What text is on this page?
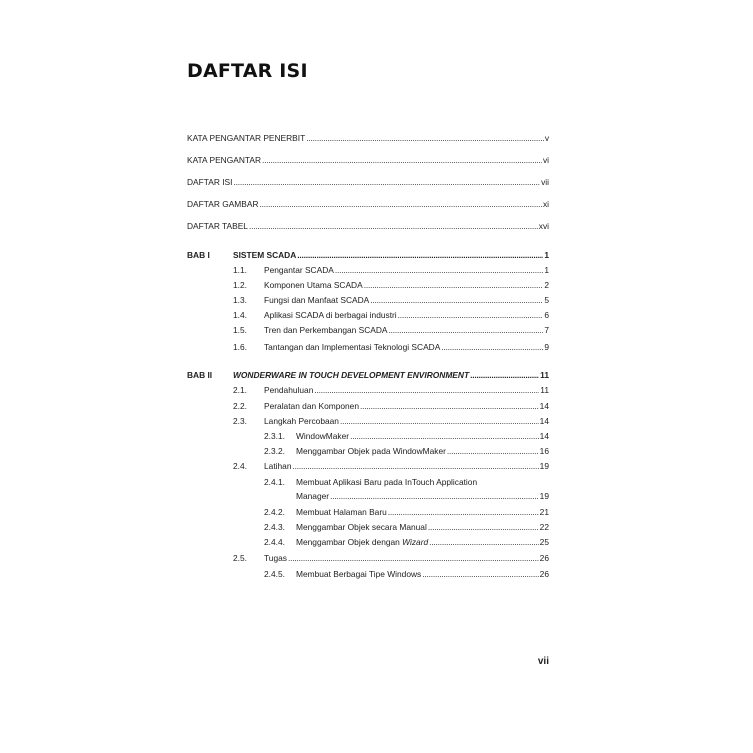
DAFTAR ISI
KATA PENGANTAR PENERBIT .....	v
KATA PENGANTAR .....	vi
DAFTAR ISI .....	vii
DAFTAR GAMBAR .....	xi
DAFTAR TABEL .....	xvi
BAB I	SISTEM SCADA .....	1
1.1. Pengantar SCADA .....	1
1.2. Komponen Utama SCADA .....	2
1.3. Fungsi dan Manfaat SCADA .....	5
1.4. Aplikasi SCADA di berbagai industri .....	6
1.5. Tren dan Perkembangan SCADA .....	7
1.6. Tantangan dan Implementasi Teknologi SCADA .....	9
BAB II WONDERWARE IN TOUCH DEVELOPMENT ENVIRONMENT .....	11
2.1. Pendahuluan .....	11
2.2. Peralatan dan Komponen .....	14
2.3. Langkah Percobaan .....	14
2.3.1. WindowMaker .....	14
2.3.2. Menggambar Objek pada WindowMaker .....	16
2.4. Latihan .....	19
2.4.1. Membuat Aplikasi Baru pada InTouch Application
Manager .....	19
2.4.2. Membuat Halaman Baru .....	21
2.4.3. Menggambar Objek secara Manual .....	22
2.4.4. Menggambar Objek dengan Wizard .....	25
2.5. Tugas .....	26
2.4.5. Membuat Berbagai Tipe Windows .....	26
vii
